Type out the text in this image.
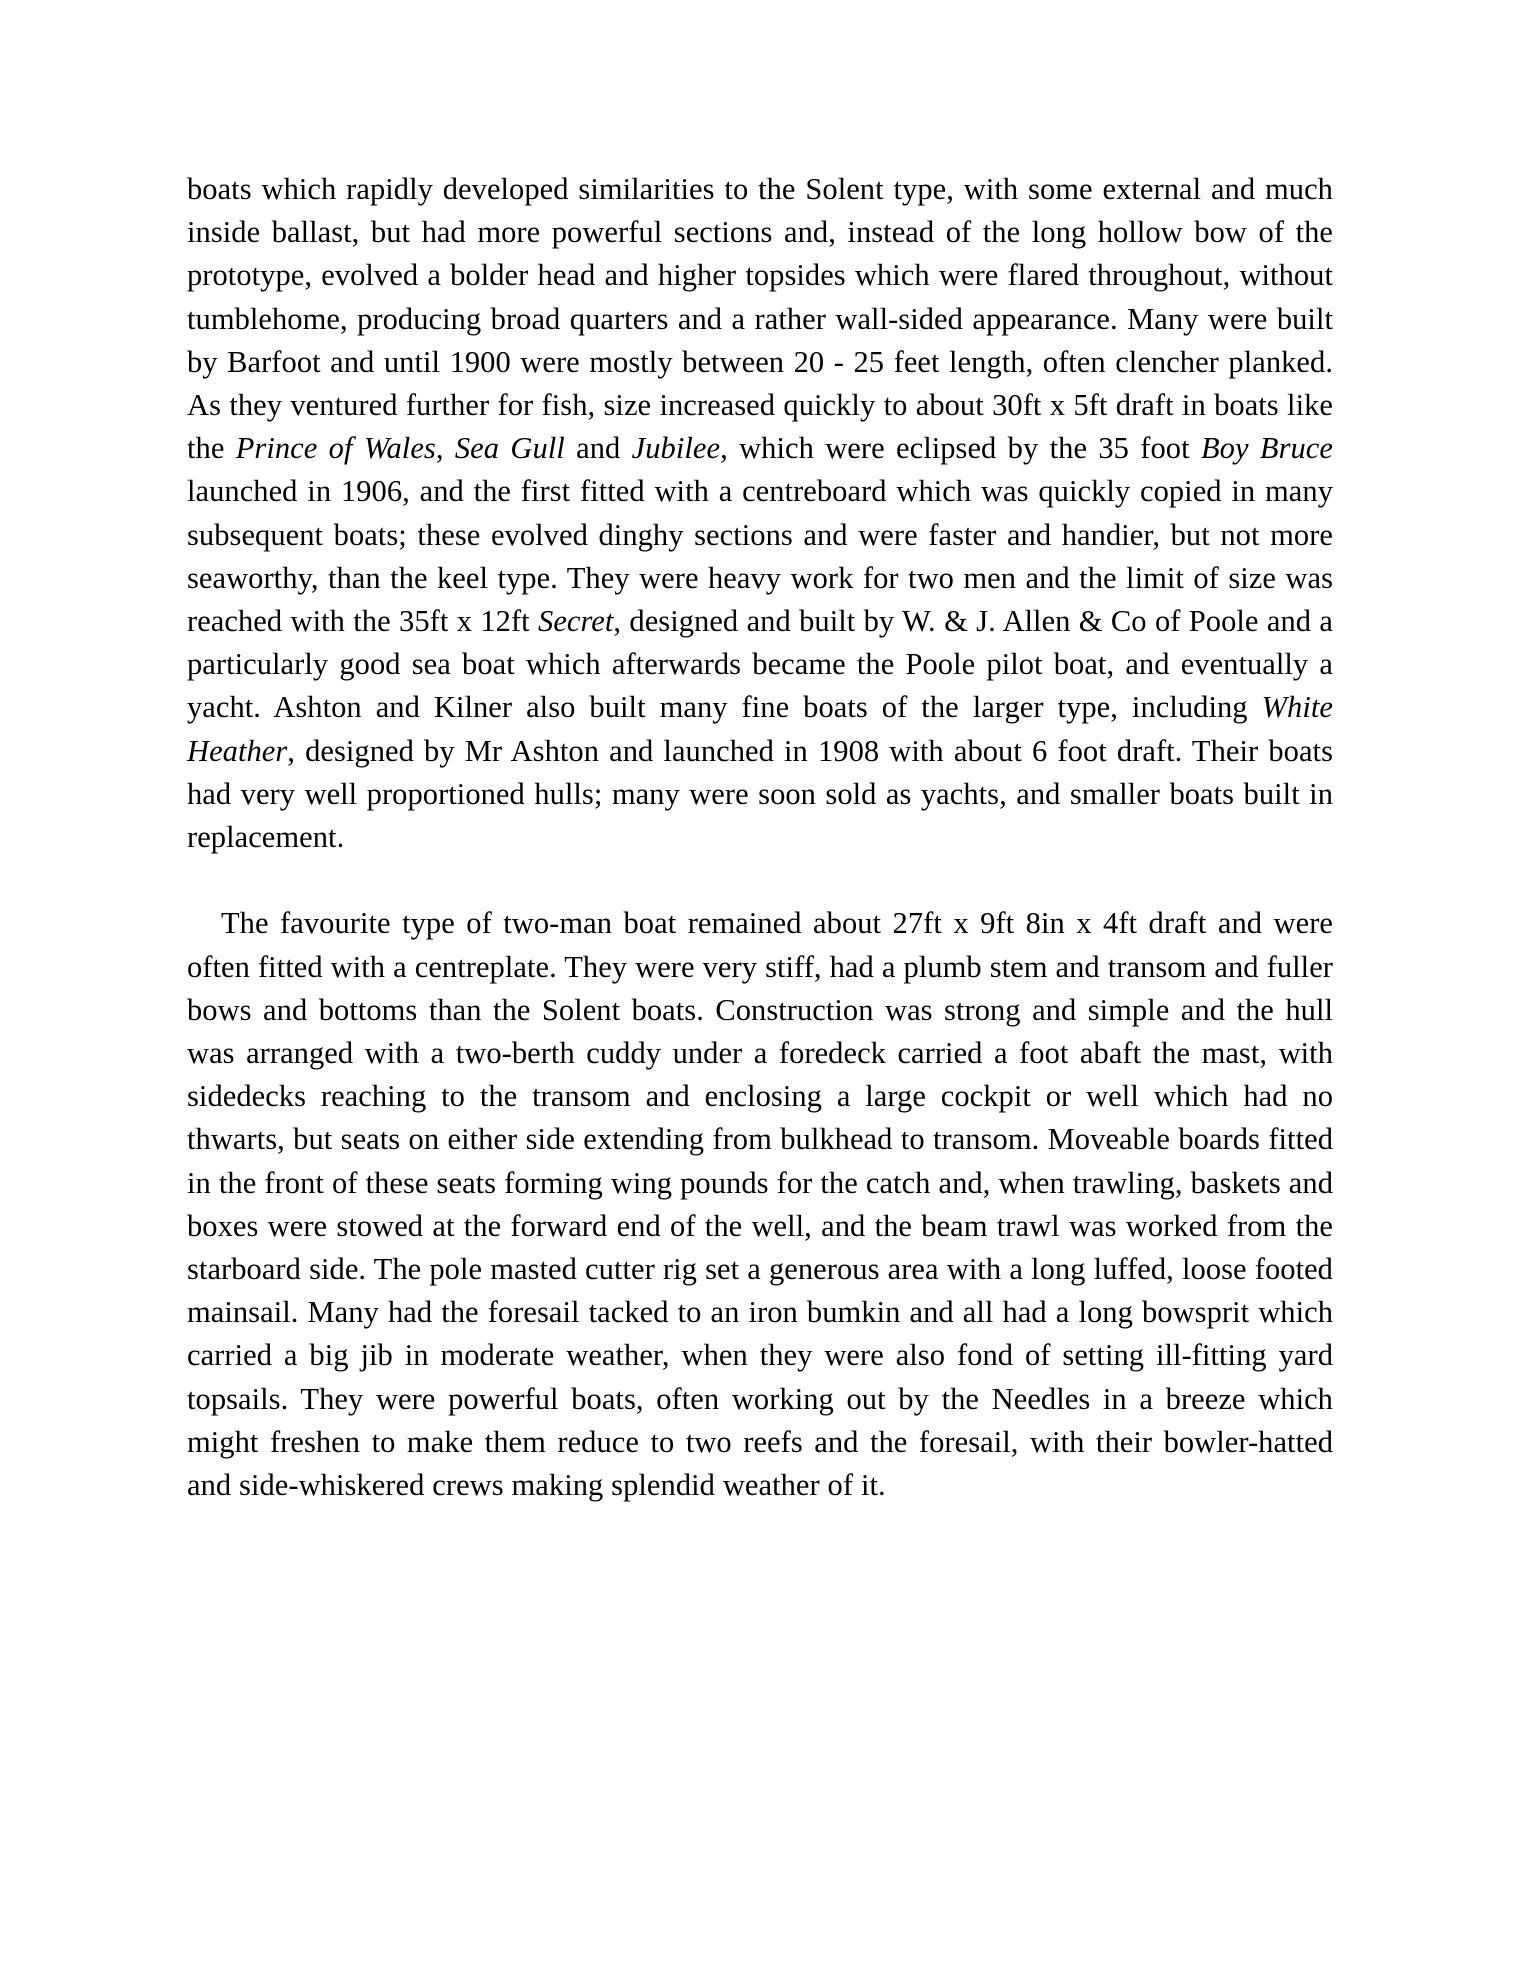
boats which rapidly developed similarities to the Solent type, with some external and much inside ballast, but had more powerful sections and, instead of the long hollow bow of the prototype, evolved a bolder head and higher topsides which were flared throughout, without tumblehome, producing broad quarters and a rather wall-sided appearance. Many were built by Barfoot and until 1900 were mostly between 20 - 25 feet length, often clencher planked. As they ventured further for fish, size increased quickly to about 30ft x 5ft draft in boats like the Prince of Wales, Sea Gull and Jubilee, which were eclipsed by the 35 foot Boy Bruce launched in 1906, and the first fitted with a centreboard which was quickly copied in many subsequent boats; these evolved dinghy sections and were faster and handier, but not more seaworthy, than the keel type. They were heavy work for two men and the limit of size was reached with the 35ft x 12ft Secret, designed and built by W. & J. Allen & Co of Poole and a particularly good sea boat which afterwards became the Poole pilot boat, and eventually a yacht. Ashton and Kilner also built many fine boats of the larger type, including White Heather, designed by Mr Ashton and launched in 1908 with about 6 foot draft. Their boats had very well proportioned hulls; many were soon sold as yachts, and smaller boats built in replacement.

The favourite type of two-man boat remained about 27ft x 9ft 8in x 4ft draft and were often fitted with a centreplate. They were very stiff, had a plumb stem and transom and fuller bows and bottoms than the Solent boats. Construction was strong and simple and the hull was arranged with a two-berth cuddy under a foredeck carried a foot abaft the mast, with sidedecks reaching to the transom and enclosing a large cockpit or well which had no thwarts, but seats on either side extending from bulkhead to transom. Moveable boards fitted in the front of these seats forming wing pounds for the catch and, when trawling, baskets and boxes were stowed at the forward end of the well, and the beam trawl was worked from the starboard side. The pole masted cutter rig set a generous area with a long luffed, loose footed mainsail. Many had the foresail tacked to an iron bumkin and all had a long bowsprit which carried a big jib in moderate weather, when they were also fond of setting ill-fitting yard topsails. They were powerful boats, often working out by the Needles in a breeze which might freshen to make them reduce to two reefs and the foresail, with their bowler-hatted and side-whiskered crews making splendid weather of it.
